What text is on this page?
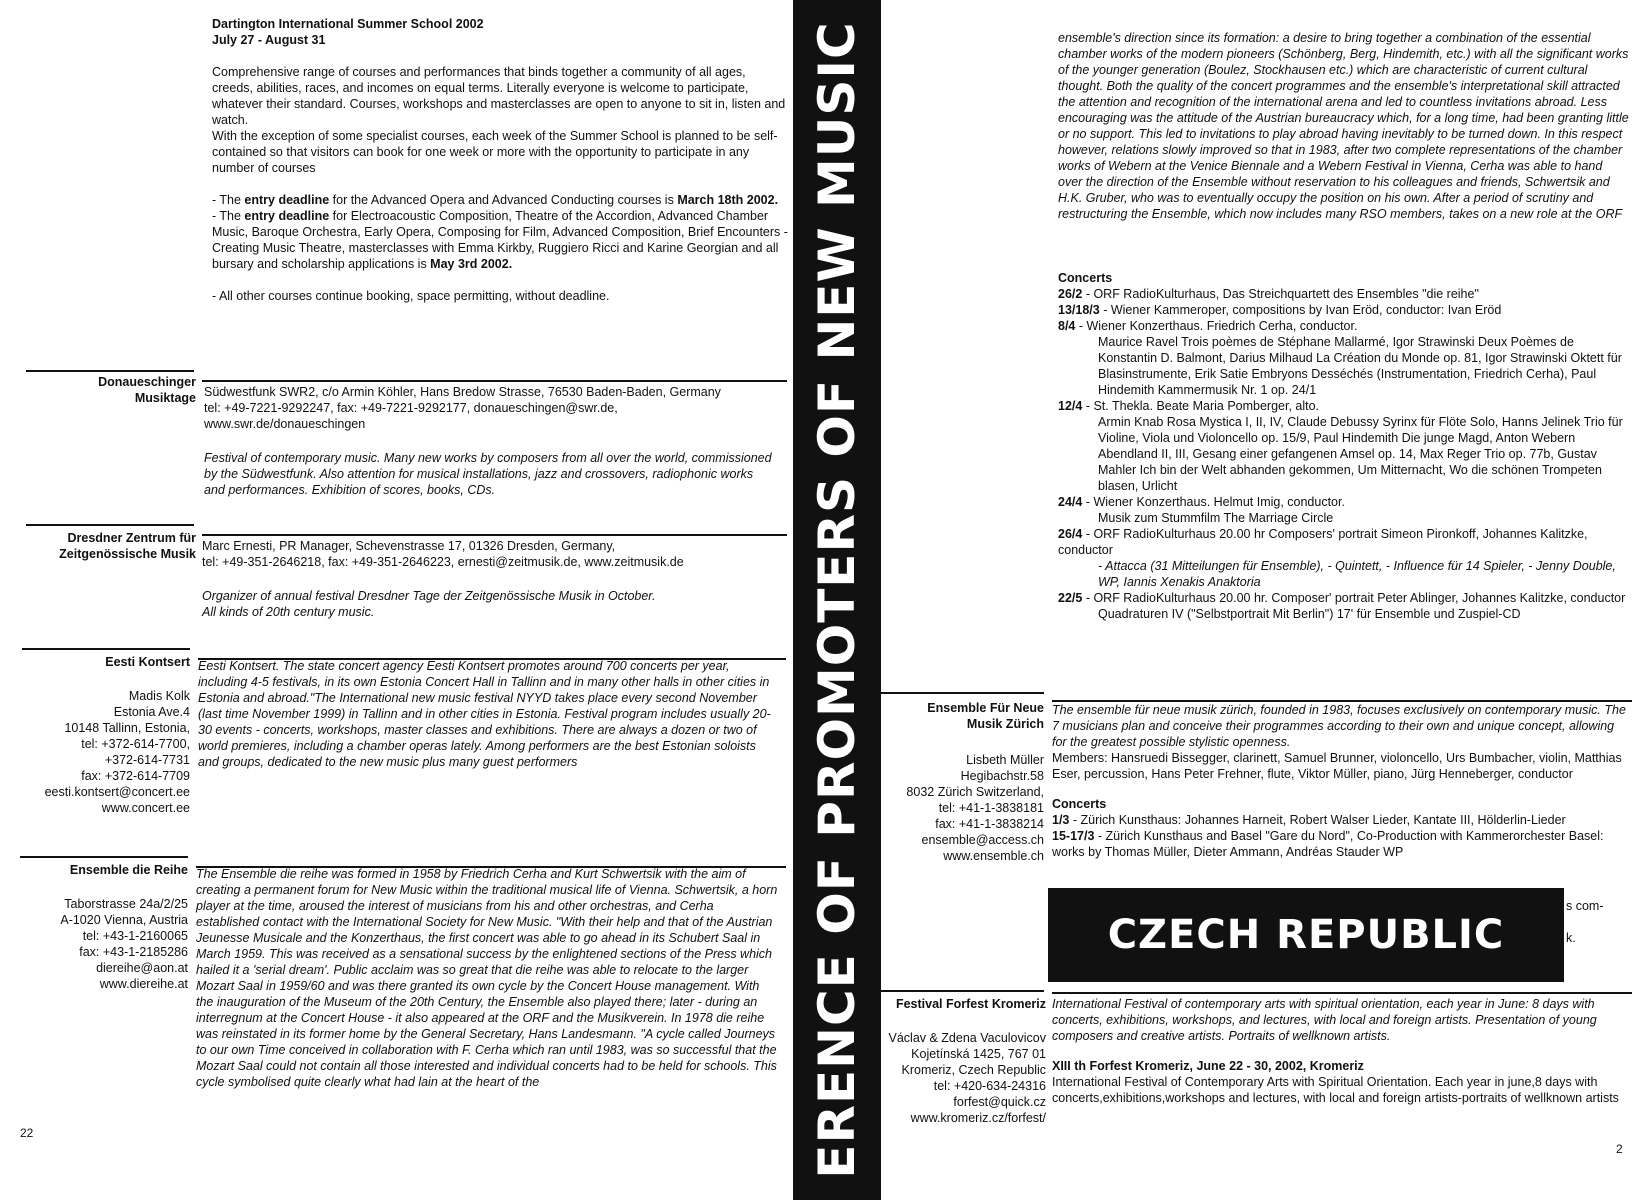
Dartington International Summer School 2002
July 27 - August 31

Comprehensive range of courses and performances that binds together a community of all ages, creeds, abilities, races, and incomes on equal terms. Literally everyone is welcome to participate, whatever their standard. Courses, workshops and masterclasses are open to anyone to sit in, listen and watch.

With the exception of some specialist courses, each week of the Summer School is planned to be self-contained so that visitors can book for one week or more with the opportunity to participate in any number of courses

- The entry deadline for the Advanced Opera and Advanced Conducting courses is March 18th 2002.

- The entry deadline for Electroacoustic Composition, Theatre of the Accordion, Advanced Chamber Music, Baroque Orchestra, Early Opera, Composing for Film, Advanced Composition, Brief Encounters - Creating Music Theatre, masterclasses with Emma Kirkby, Ruggiero Ricci and Karine Georgian and all bursary and scholarship applications is May 3rd 2002.

- All other courses continue booking, space permitting, without deadline.

Donaueschinger
Musiktage Südwestfunk SWR2, c/o Armin Köhler, Hans Bredow Strasse, 76530 Baden-Baden, Germany
tel: +49-7221-9292247, fax: +49-7221-9292177, donaueschingen@swr.de,
www.swr.de/donaueschingen
Festival of contemporary music. Many new works by composers from all over the world, commissioned by the Südwestfunk. Also attention for musical installations, jazz and crossovers, radiophonic works and performances. Exhibition of scores, books, CDs.
Dresdner Zentrum für
Zeitgenössische Musik
Marc Ernesti, PR Manager, Schevenstrasse 17, 01326 Dresden, Germany,
tel: +49-351-2646218, fax: +49-351-2646223, ernesti@zeitmusik.de, www.zeitmusik.de
Organizer of annual festival Dresdner Tage der Zeitgenössische Musik in October.
All kinds of 20th century music.
Eesti Kontsert
Madis Kolk
Estonia Ave.4
10148 Tallinn, Estonia,
tel: +372-614-7700,
+372-614-7731
fax: +372-614-7709
eesti.kontsert@concert.ee
www.concert.ee
Eesti Kontsert. The state concert agency Eesti Kontsert promotes around 700 concerts per year, including 4-5 festivals, in its own Estonia Concert Hall in Tallinn and in many other halls in other cities in Estonia and abroad."The International new music festival NYYD takes place every second November (last time November 1999) in Tallinn and in other cities in Estonia. Festival program includes usually 20-30 events - concerts, workshops, master classes and exhibitions. There are always a dozen or two of world premieres, including a chamber operas lately. Among performers are the best Estonian soloists and groups, dedicated to the new music plus many guest performers
Ensemble die Reihe
Taborstrasse 24a/2/25
A-1020 Vienna, Austria
tel: +43-1-2160065
fax: +43-1-2185286
diereihe@aon.at
www.diereihe.at
The Ensemble die reihe was formed in 1958 by Friedrich Cerha and Kurt Schwertsik with the aim of creating a permanent forum for New Music within the traditional musical life of Vienna. Schwertsik, a horn player at the time, aroused the interest of musicians from his and other orchestras, and Cerha established contact with the International Society for New Music. "With their help and that of the Austrian Jeunesse Musicale and the Konzerthaus, the first concert was able to go ahead in its Schubert Saal in March 1959. This was received as a sensational success by the enlightened sections of the Press which hailed it a 'serial dream'. Public acclaim was so great that die reihe was able to relocate to the larger Mozart Saal in 1959/60 and was there granted its own cycle by the Concert House management. With the inauguration of the Museum of the 20th Century, the Ensemble also played there; later - during an interregnum at the Concert House - it also appeared at the ORF and the Musikverein. In 1978 die reihe was reinstated in its former home by the General Secretary, Hans Landesmann. "A cycle called Journeys to our own Time conceived in collaboration with F. Cerha which ran until 1983, was so successful that the Mozart Saal could not contain all those interested and individual concerts had to be held for schools. This cycle symbolised quite clearly what had lain at the heart of the
22	ERENCE OF PROMOTERS OF NEW MUSIC	ensemble's direction since its formation: a desire to bring together a combination of the essential chamber works of the modern pioneers (Schönberg, Berg, Hindemith, etc.) with all the significant works of the younger generation (Boulez, Stockhausen etc.) which are characteristic of current cultural thought. Both the quality of the concert programmes and the ensemble's interpretational skill attracted the attention and recognition of the international arena and led to countless invitations abroad. Less encouraging was the attitude of the Austrian bureaucracy which, for a long time, had been granting little or no support. This led to invitations to play abroad having inevitably to be turned down. In this respect however, relations slowly improved so that in 1983, after two complete representations of the chamber works of Webern at the Venice Biennale and a Webern Festival in Vienna, Cerha was able to hand over the direction of the Ensemble without reservation to his colleagues and friends, Schwertsik and H.K. Gruber, who was to eventually occupy the position on his own. After a period of scrutiny and restructuring the Ensemble, which now includes many RSO members, takes on a new role at the ORF
Concerts
26/2 - ORF RadioKulturhaus, Das Streichquartett des Ensembles "die reihe"
13/18/3 - Wiener Kammeroper, compositions by Ivan Eröd, conductor: Ivan Eröd
8/4 - Wiener Konzerthaus. Friedrich Cerha, conductor.
Maurice Ravel Trois poèmes de Stéphane Mallarmé, Igor Strawinski Deux Poèmes de Konstantin D. Balmont, Darius Milhaud La Création du Monde op. 81, Igor Strawinski Oktett für Blasinstrumente, Erik Satie Embryons Desséchés (Instrumentation, Friedrich Cerha), Paul Hindemith Kammermusik Nr. 1 op. 24/1
12/4 - St. Thekla. Beate Maria Pomberger, alto.
Armin Knab Rosa Mystica I, II, IV, Claude Debussy Syrinx für Flöte Solo, Hanns Jelinek Trio für Violine, Viola und Violoncello op. 15/9, Paul Hindemith Die junge Magd, Anton Webern Abendland II, III, Gesang einer gefangenen Amsel op. 14, Max Reger Trio op. 77b, Gustav Mahler Ich bin der Welt abhanden gekommen, Um Mitternacht, Wo die schönen Trompeten blasen, Urlicht
24/4 - Wiener Konzerthaus. Helmut Imig, conductor.
Musik zum Stummfilm The Marriage Circle
26/4 - ORF RadioKulturhaus 20.00 hr Composers' portrait Simeon Pironkoff, Johannes Kalitzke, conductor
- Attacca (31 Mitteilungen für Ensemble), - Quintett, - Influence für 14 Spieler, - Jenny Double, WP, Iannis Xenakis Anaktoria
22/5 - ORF RadioKulturhaus 20.00 hr. Composer' portrait Peter Ablinger, Johannes Kalitzke, conductor
Quadraturen IV ("Selbstportrait Mit Berlin") 17' für Ensemble und Zuspiel-CD
Ensemble Für Neue
Musik Zürich
Lisbeth Müller
Hegibachstr.58
8032 Zürich Switzerland,
tel: +41-1-3838181
fax: +41-1-3838214
ensemble@access.ch
www.ensemble.ch
The ensemble für neue musik zürich, founded in 1983, focuses exclusively on contemporary music. The 7 musicians plan and conceive their programmes according to their own and unique concept, allowing for the greatest possible stylistic openness.
Members: Hansruedi Bissegger, clarinett, Samuel Brunner, violoncello, Urs Bumbacher, violin, Matthias Eser, percussion, Hans Peter Frehner, flute, Viktor Müller, piano, Jürg Henneberger, conductor
Concerts
1/3 - Zürich Kunsthaus: Johannes Harneit, Robert Walser Lieder, Kantate III, Hölderlin-Lieder
15-17/3 - Zürich Kunsthaus and Basel "Gare du Nord", Co-Production with Kammerorchester Basel: works by Thomas Müller, Dieter Ammann, Andréas Stauder WP
s com-
k.
CZECH REPUBLIC
Festival Forfest Kromeriz
Václav & Zdena Vaculovicov
Kojetínská 1425, 767 01
Kromeriz, Czech Republic
tel: +420-634-24316
forfest@quick.cz
www.kromeriz.cz/forfest/
International Festival of contemporary arts with spiritual orientation, each year in June: 8 days with concerts, exhibitions, workshops, and lectures, with local and foreign artists. Presentation of young composers and creative artists. Portraits of wellknown artists.
XIII th Forfest Kromeriz, June 22 - 30, 2002, Kromeriz
International Festival of Contemporary Arts with Spiritual Orientation. Each year in june,8 days with concerts,exhibitions,workshops and lectures, with local and foreign artists-portraits of wellknown artists
2
